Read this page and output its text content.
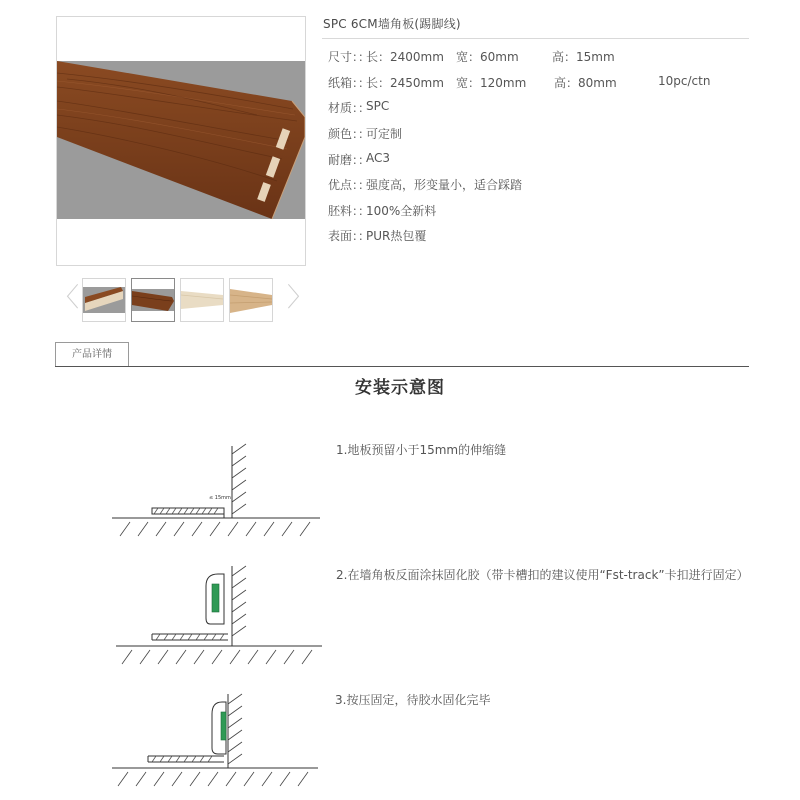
〈	〉
SPC 6CM墙角板(踢脚线)
尺寸：：
长：2400mm 宽：60mm	高：15mm
纸箱：：
长：2450mm 宽：120mm 高：80mm	10pc/ctn
材质：：
SPC
颜色：：
可定制
耐磨：：
AC3
优点：：
强度高，形变量小，适合踩踏
胚料：：
100%全新料
表面：：
PUR热包覆
产品详情
安装示意图
≤ 15mm
1.地板预留小于15mm的伸缩缝
2.在墙角板反面涂抹固化胶（带卡槽扣的建议使用“Fst-track”卡扣进行固定）
3.按压固定，待胶水固化完毕
